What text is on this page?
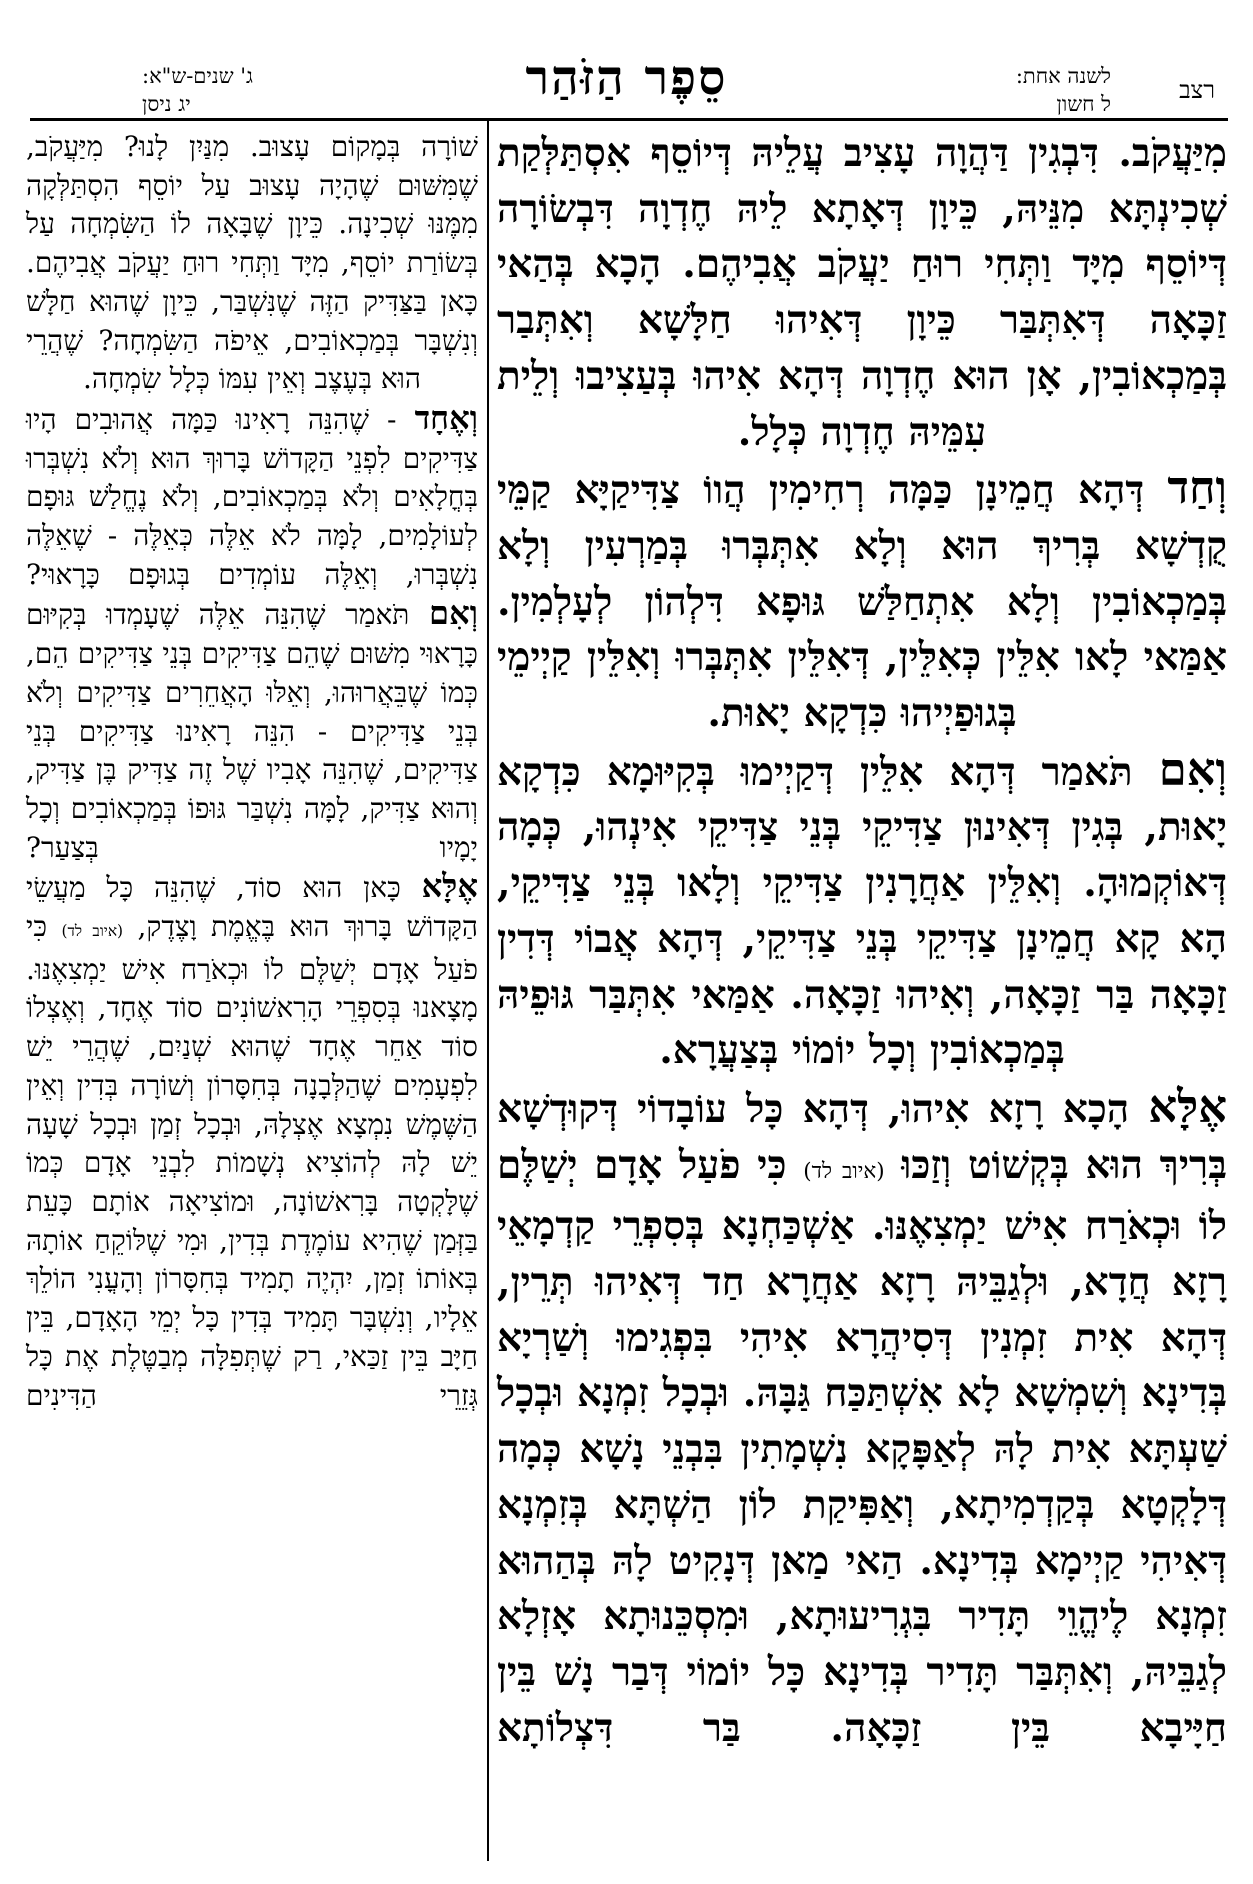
רצב
לשנה אחת:
ל חשון
סֵפֶר הַזֹּהַר
ג' שנים-ש"א:
יג ניסן
מִיַּעֲקֹב. דִּבְגִין דַּהֲוָה עָצִיב עֲלֵיהּ דְּיוֹסֵף אִסְתַּלְּקַת שְׁכִינְתָּא מִנֵּיהּ, כֵּיוָן דְּאָתָא לֵיהּ חֶדְוָה דִּבְשׂוֹרָה דְּיוֹסֵף מִיָּד וַתְּחִי רוּחַ יַעֲקֹב אֲבִיהֶם. הָכָא בְּהַאי זַכָּאָה דְּאִתְּבַּר כֵּיוָן דְּאִיהוּ חַלָּשָׁא וְאִתְּבַר בְּמַכְאוֹבִין, אָן הוּא חֶדְוָה דְּהָא אִיהוּ בְּעַצִיבוּ וְלֵית עִמֵּיהּ חֶדְוָה כְּלָל.
וְחַד דְּהָא חֲמֵינָן כַּמָּה רְחִימִין הֲווֹ צַדִּיקַיָּא קַמֵּי קֻדְשָׁא בְּרִיךְ הוּא וְלָא אִתְּבְּרוּ בְּמַרְעִין וְלָא בְּמַכְאוֹבִין וְלָא אִתְחַלַּשׁ גּוּפָא דִּלְהוֹן לְעָלְמִין. אַמַּאי לָאו אִלֵּין כְּאִלֵּין, דְּאִלֵּין אִתְּבְּרוּ וְאִלֵּין קַיְימֵי בְּגוּפַיְיהוּ כִּדְקָא יָאוּת.
וְאִם תֹּאמַר דְּהָא אִלֵּין דְּקַיְימוּ בְּקִיּוּמָא כִּדְקָא יָאוּת, בְּגִין דְּאִינוּן צַדִּיקֵי בְּנֵי צַדִּיקֵי אִינְהוּ, כְּמָה דְּאוֹקְמוּהָ. וְאִלֵּין אַחֲרָנִין צַדִּיקֵי וְלָאו בְּנֵי צַדִּיקֵי, הָא קָא חֲמֵינָן צַדִּיקֵי בְּנֵי צַדִּיקֵי, דְּהָא אֲבוֹי דְּדִין זַכָּאָה בַּר זַכָּאָה, וְאִיהוּ זַכָּאָה. אַמַּאי אִתְּבַּר גּוּפֵיהּ בְּמַכְאוֹבִין וְכָל יוֹמוֹי בְּצַעֲרָא.
אֶלָּא הָכָא רָזָא אִיהוּ, דְּהָא כָּל עוֹבָדוֹי דְּקוּדְשָׁא בְּרִיךְ הוּא בְּקְשׁוֹט וְזַכּוּ (איוב לד) כִּי פֹעַל אָדָם יְשַׁלֶּם לוֹ וּכְאֹרַח אִישׁ יַמְצִאֶנּוּ. אַשְׁכַּחְנָא בְּסִפְרֵי קַדְמָאֵי רָזָא חֲדָא, וּלְגַבֵּיהּ רָזָא אַחֲרָא חַד דְּאִיהוּ תְּרֵין, דְּהָא אִית זִמְנִין דְּסִיהֲרָא אִיהִי בִּפְגִימוּ וְשַׁרְיָא בְּדִינָא וְשִׁמְשָׁא לָא אִשְׁתַּכַּח גַּבָּהּ. וּבְכָל זִמְנָא וּבְכָל שַׁעְתָּא אִית לָהּ לְאַפָּקָא נִשְׁמָתִין בִּבְנֵי נָשָׁא כְּמָה דְּלָקְטָא בְּקַדְמִיתָא, וְאַפִּיקַת לוֹן הַשְׁתָּא בְּזִמְנָא דְּאִיהִי קַיְימָא בְּדִינָא. הַאי מַאן דְּנָקִיט לָהּ בְּהַהוּא זִמְנָא לֶיהֱוֵי תָּדִיר בִּגְרִיעוּתָא, וּמִסְכֵּנוּתָא אָזְלָא לְגַבֵּיהּ, וְאִתְּבַּר תָּדִיר בְּדִינָא כָּל יוֹמוֹי דְּבַר נָשׁ בֵּין חַיָּיבָא בֵּין זַכָּאָה. בַּר דִּצְלוֹתָא
שׁוֹרָה בְּמָקוֹם עָצוּב. מִנַּיִן לָנוּ? מִיַּעֲקֹב, שֶׁמִּשּׁוּם שֶׁהָיָה עָצוּב עַל יוֹסֵף הִסְתַּלְּקָה מִמֶּנּוּ שְׁכִינָה. כֵּיוָן שֶׁבָּאָה לוֹ הַשִּׂמְחָה עַל בְּשׂוֹרַת יוֹסֵף, מִיָּד וַתְּחִי רוּחַ יַעֲקֹב אֲבִיהֶם. כָּאן בַּצַּדִּיק הַזֶּה שֶׁנִּשְׁבַּר, כֵּיוָן שֶׁהוּא חַלָּשׁ וְנִשְׁבָּר בְּמַכְאוֹבִים, אֵיפֹה הַשִּׂמְחָה? שֶׁהֲרֵי הוּא בְּעֶצֶב וְאֵין עִמּוֹ כְּלָל שִׂמְחָה.
וְאֶחָד - שֶׁהִנֵּה רָאִינוּ כַּמָּה אֲהוּבִים הָיוּ צַדִּיקִים לִפְנֵי הַקָּדוֹשׁ בָּרוּךְ הוּא וְלֹא נִשְׁבְּרוּ בְּחֳלָאִים וְלֹא בְּמַכְאוֹבִים, וְלֹא נֶחֱלַשׁ גּוּפָם לְעוֹלָמִים, לָמָּה לֹא אֵלֶּה כְּאֵלֶּה - שֶׁאֵלֶּה נִשְׁבְּרוּ, וְאֵלֶּה עוֹמְדִים בְּגוּפָם כָּרָאוּי?
וְאִם תֹּאמַר שֶׁהִנֵּה אֵלֶּה שֶׁעָמְדוּ בְּקִיּוּם כָּרָאוּי מִשּׁוּם שֶׁהֵם צַדִּיקִים בְּנֵי צַדִּיקִים הֵם, כְּמוֹ שֶׁבֵּאֲרוּהוּ, וְאֵלּוּ הָאֲחֵרִים צַדִּיקִים וְלֹא בְּנֵי צַדִּיקִים - הִנֵּה רָאִינוּ צַדִּיקִים בְּנֵי צַדִּיקִים, שֶׁהִנֵּה אָבִיו שֶׁל זֶה צַדִּיק בֶּן צַדִּיק, וְהוּא צַדִּיק, לָמָּה נִשְׁבַּר גּוּפוֹ בְּמַכְאוֹבִים וְכָל יָמָיו בְּצַעַר?
אֶלָּא כָּאן הוּא סוֹד, שֶׁהִנֵּה כָּל מַעֲשֵׂי הַקָּדוֹשׁ בָּרוּךְ הוּא בֶּאֱמֶת וָצֶדֶק, (איוב לד) כִּי פֹעַל אָדָם יְשַׁלֶּם לוֹ וּכְאֹרַח אִישׁ יַמְצִאֶנּוּ. מָצָאנוּ בְּסִפְרֵי הָרִאשׁוֹנִים סוֹד אֶחָד, וְאֶצְלוֹ סוֹד אַחֵר אֶחָד שֶׁהוּא שְׁנַיִם, שֶׁהֲרֵי יֵשׁ לִפְעָמִים שֶׁהַלְּבָנָה בְּחִסָּרוֹן וְשׁוֹרָה בְּדִין וְאֵין הַשֶּׁמֶשׁ נִמְצָא אֶצְלָהּ, וּבְכָל זְמַן וּבְכָל שָׁעָה יֵשׁ לָהּ לְהוֹצִיא נְשָׁמוֹת לִבְנֵי אָדָם כְּמוֹ שֶׁלָּקְטָה בָּרִאשׁוֹנָה, וּמוֹצִיאָה אוֹתָם כָּעֵת בַּזְּמַן שֶׁהִיא עוֹמֶדֶת בְּדִין, וּמִי שֶׁלּוֹקֵחַ אוֹתָהּ בְּאוֹתוֹ זְמַן, יִהְיֶה תָמִיד בְּחִסָּרוֹן וְהָעֳנִי הוֹלֵךְ אֵלָיו, וְנִשְׁבָּר תָּמִיד בְּדִין כָּל יְמֵי הָאָדָם, בֵּין חַיָּב בֵּין זַכַּאי, רַק שֶׁתְּפִלָּה מְבַטֶּלֶת אֶת כָּל גְּזֵרֵי הַדִּינִים
